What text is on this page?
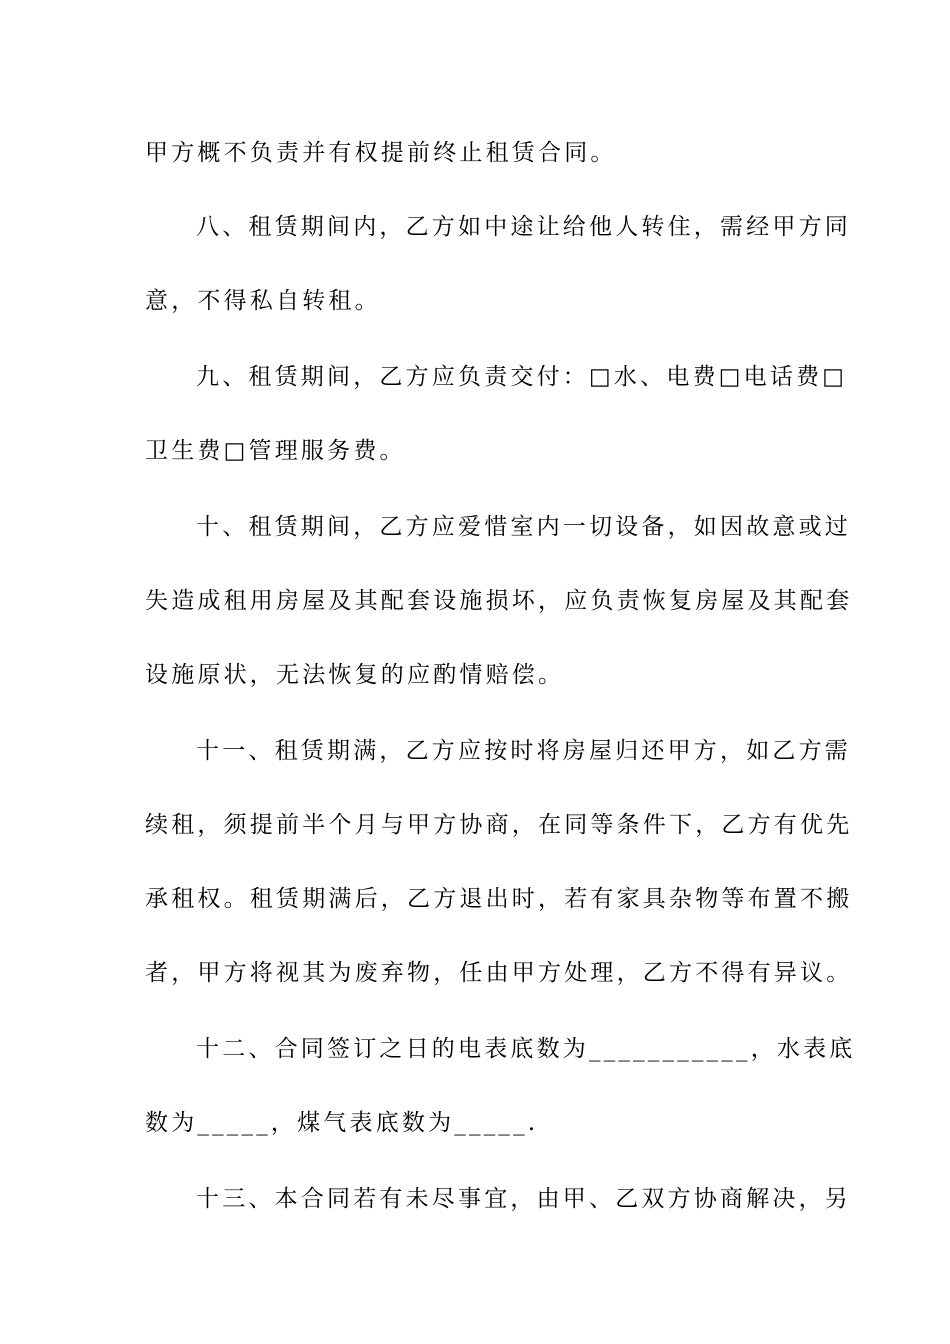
甲方概不负责并有权提前终止租赁合同。
八、租赁期间内，乙方如中途让给他人转住，需经甲方同
意，不得私自转租。
九、租赁期间，乙方应负责交付：□水、电费□电话费□
卫生费□管理服务费。
十、租赁期间，乙方应爱惜室内一切设备，如因故意或过
失造成租用房屋及其配套设施损坏，应负责恢复房屋及其配套
设施原状，无法恢复的应酌情赔偿。
十一、租赁期满，乙方应按时将房屋归还甲方，如乙方需
续租，须提前半个月与甲方协商，在同等条件下，乙方有优先
承租权。租赁期满后，乙方退出时，若有家具杂物等布置不搬
者，甲方将视其为废弃物，任由甲方处理，乙方不得有异议。
十二、合同签订之日的电表底数为___________，水表底
数为_____，煤气表底数为_____.
十三、本合同若有未尽事宜，由甲、乙双方协商解决，另
